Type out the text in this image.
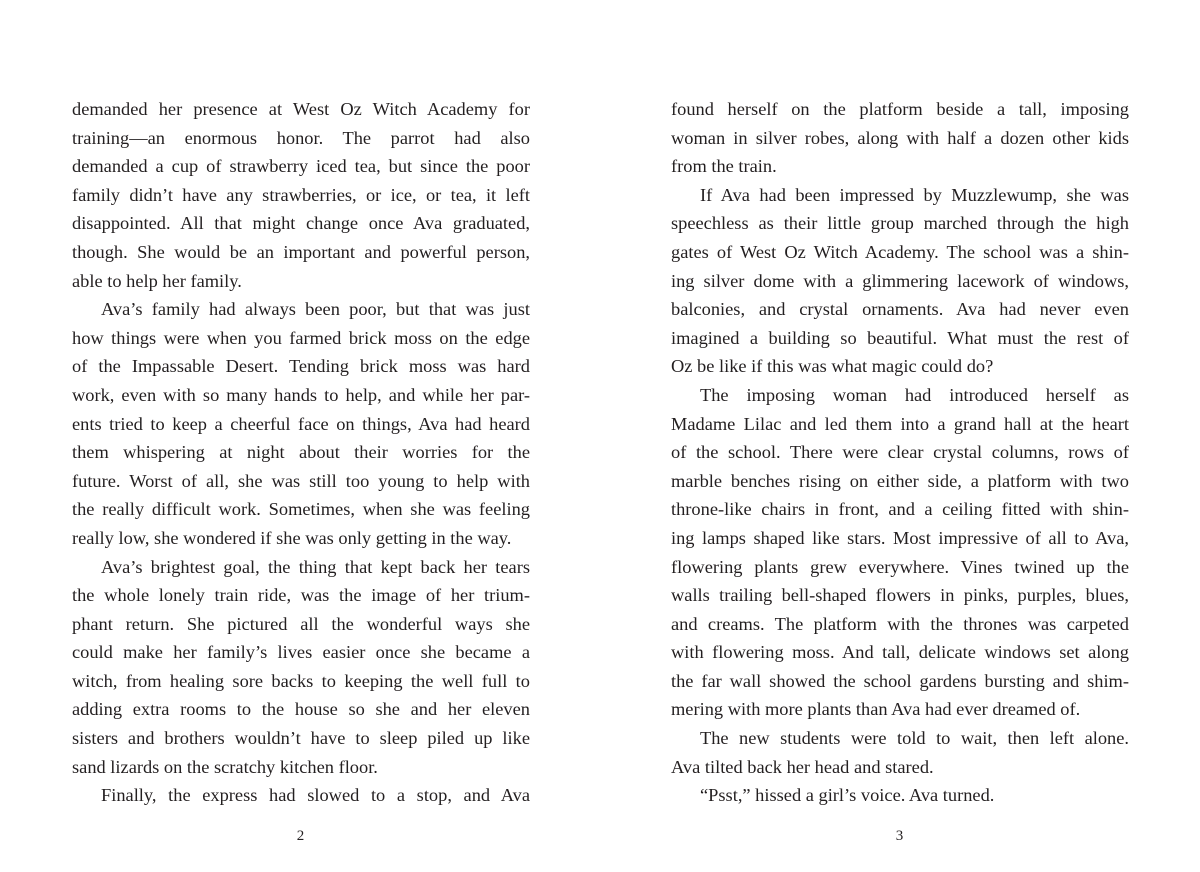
demanded her presence at West Oz Witch Academy for
training—an enormous honor. The parrot had also
demanded a cup of strawberry iced tea, but since the poor
family didn’t have any strawberries, or ice, or tea, it left
disappointed. All that might change once Ava graduated,
though. She would be an important and powerful person,
able to help her family.
Ava’s family had always been poor, but that was just
how things were when you farmed brick moss on the edge
of the Impassable Desert. Tending brick moss was hard
work, even with so many hands to help, and while her par-
ents tried to keep a cheerful face on things, Ava had heard
them whispering at night about their worries for the
future. Worst of all, she was still too young to help with
the really difficult work. Sometimes, when she was feeling
really low, she wondered if she was only getting in the way.
Ava’s brightest goal, the thing that kept back her tears
the whole lonely train ride, was the image of her trium-
phant return. She pictured all the wonderful ways she
could make her family’s lives easier once she became a
witch, from healing sore backs to keeping the well full to
adding extra rooms to the house so she and her eleven
sisters and brothers wouldn’t have to sleep piled up like
sand lizards on the scratchy kitchen floor.
Finally, the express had slowed to a stop, and Ava
2
found herself on the platform beside a tall, imposing
woman in silver robes, along with half a dozen other kids
from the train.
If Ava had been impressed by Muzzlewump, she was
speechless as their little group marched through the high
gates of West Oz Witch Academy. The school was a shin-
ing silver dome with a glimmering lacework of windows,
balconies, and crystal ornaments. Ava had never even
imagined a building so beautiful. What must the rest of
Oz be like if this was what magic could do?
The imposing woman had introduced herself as
Madame Lilac and led them into a grand hall at the heart
of the school. There were clear crystal columns, rows of
marble benches rising on either side, a platform with two
throne-like chairs in front, and a ceiling fitted with shin-
ing lamps shaped like stars. Most impressive of all to Ava,
flowering plants grew everywhere. Vines twined up the
walls trailing bell-shaped flowers in pinks, purples, blues,
and creams. The platform with the thrones was carpeted
with flowering moss. And tall, delicate windows set along
the far wall showed the school gardens bursting and shim-
mering with more plants than Ava had ever dreamed of.
The new students were told to wait, then left alone.
Ava tilted back her head and stared.
“Psst,” hissed a girl’s voice. Ava turned.
3
